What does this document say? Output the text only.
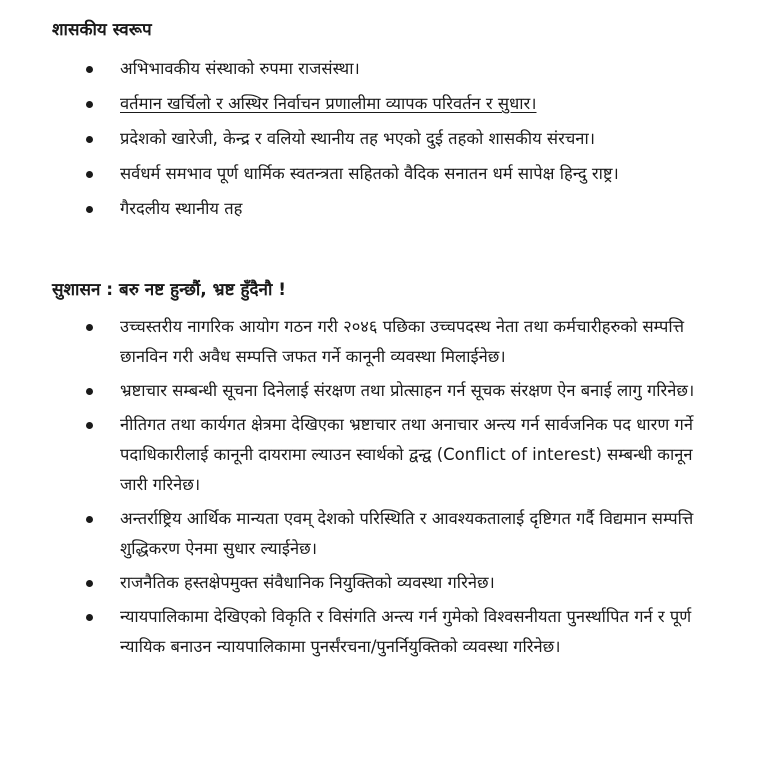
शासकीय स्वरूप
अभिभावकीय संस्थाको रुपमा राजसंस्था।
वर्तमान खर्चिलो र अस्थिर निर्वाचन प्रणालीमा व्यापक परिवर्तन र सुधार।
प्रदेशको खारेजी, केन्द्र र वलियो स्थानीय तह भएको दुई तहको शासकीय संरचना।
सर्वधर्म समभाव पूर्ण धार्मिक स्वतन्त्रता सहितको वैदिक सनातन धर्म सापेक्ष हिन्दु राष्ट्र।
गैरदलीय स्थानीय तह
सुशासन : बरु नष्ट हुन्छौं, भ्रष्ट हुँदैनौ !
उच्चस्तरीय नागरिक आयोग गठन गरी २०४६ पछिका उच्चपदस्थ नेता तथा कर्मचारीहरुको सम्पत्ति छानविन गरी अवैध सम्पत्ति जफत गर्ने कानूनी व्यवस्था मिलाईनेछ।
भ्रष्टाचार सम्बन्धी सूचना दिनेलाई संरक्षण तथा प्रोत्साहन गर्न सूचक संरक्षण ऐन बनाई लागु गरिनेछ।
नीतिगत तथा कार्यगत क्षेत्रमा देखिएका भ्रष्टाचार तथा अनाचार अन्त्य गर्न सार्वजनिक पद धारण गर्ने पदाधिकारीलाई कानूनी दायरामा ल्याउन स्वार्थको द्वन्द्व (Conflict of interest) सम्बन्धी कानून जारी गरिनेछ।
अन्तर्राष्ट्रिय आर्थिक मान्यता एवम् देशको परिस्थिति र आवश्यकतालाई दृष्टिगत गर्दै विद्यमान सम्पत्ति शुद्धिकरण ऐनमा सुधार ल्याईनेछ।
राजनैतिक हस्तक्षेपमुक्त संवैधानिक नियुक्तिको व्यवस्था गरिनेछ।
न्यायपालिकामा देखिएको विकृति र विसंगति अन्त्य गर्न गुमेको विश्वसनीयता पुनर्स्थापित गर्न र पूर्ण न्यायिक बनाउन न्यायपालिकामा पुनर्संरचना/पुनर्नियुक्तिको व्यवस्था गरिनेछ।
